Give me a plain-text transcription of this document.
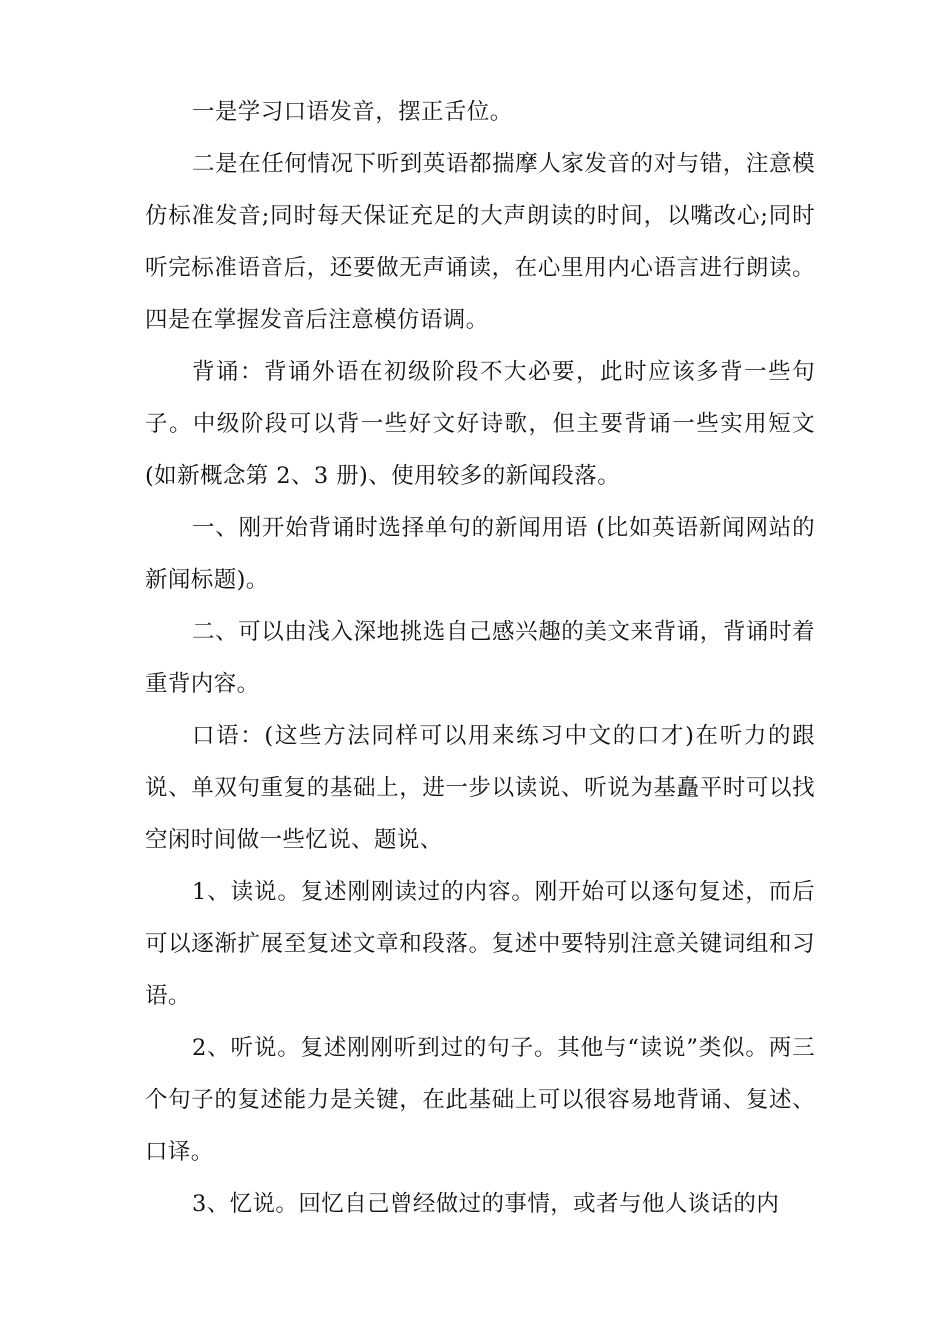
一是学习口语发音，摆正舌位。

二是在任何情况下听到英语都揣摩人家发音的对与错，注意模仿标准发音;同时每天保证充足的大声朗读的时间，以嘴改心;同时听完标准语音后，还要做无声诵读，在心里用内心语言进行朗读。四是在掌握发音后注意模仿语调。

背诵：背诵外语在初级阶段不大必要，此时应该多背一些句子。中级阶段可以背一些好文好诗歌，但主要背诵一些实用短文(如新概念第 2、3 册)、使用较多的新闻段落。

一、刚开始背诵时选择单句的新闻用语 (比如英语新闻网站的新闻标题)。

二、可以由浅入深地挑选自己感兴趣的美文来背诵，背诵时着重背内容。

口语：(这些方法同样可以用来练习中文的口才)在听力的跟说、单双句重复的基础上，进一步以读说、听说为基矗平时可以找空闲时间做一些忆说、题说、

1、读说。复述刚刚读过的内容。刚开始可以逐句复述，而后可以逐渐扩展至复述文章和段落。复述中要特别注意关键词组和习语。

2、听说。复述刚刚听到过的句子。其他与“读说”类似。两三个句子的复述能力是关键，在此基础上可以很容易地背诵、复述、口译。

3、忆说。回忆自己曾经做过的事情，或者与他人谈话的内
